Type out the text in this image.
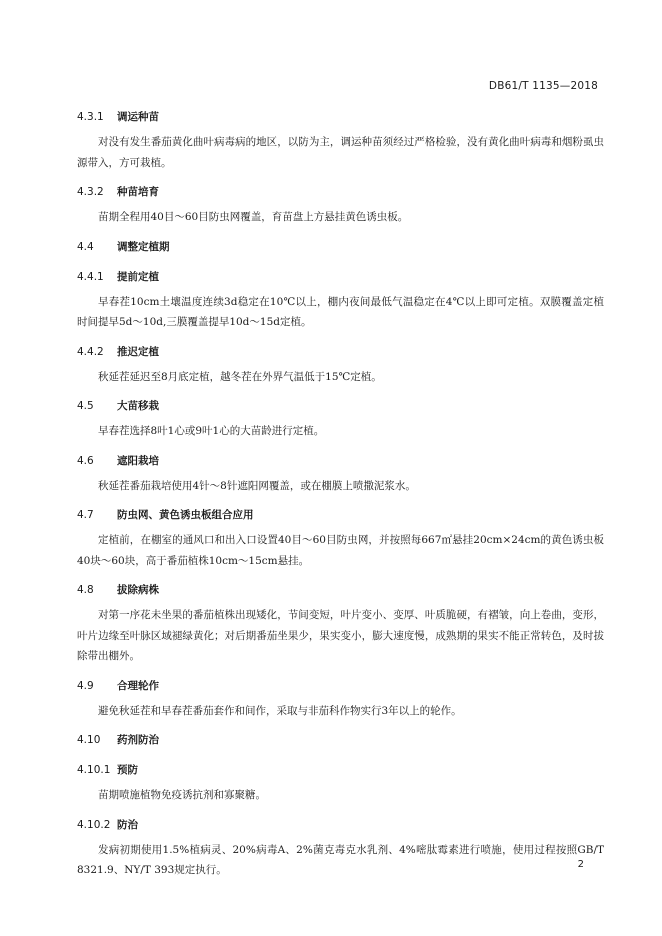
DB61/T 1135—2018
4.3.1	调运种苗

对没有发生番茄黄化曲叶病毒病的地区，以防为主，调运种苗须经过严格检验，没有黄化曲叶病毒和烟粉虱虫源带入，方可栽植。

4.3.2	种苗培育

苗期全程用40目～60目防虫网覆盖，育苗盘上方悬挂黄色诱虫板。

4.4	调整定植期
4.4.1	提前定植

早春茬10cm土壤温度连续3d稳定在10℃以上，棚内夜间最低气温稳定在4℃以上即可定植。双膜覆盖定植时间提早5d～10d,三膜覆盖提早10d～15d定植。

4.4.2	推迟定植

秋延茬延迟至8月底定植，越冬茬在外界气温低于15℃定植。

4.5	大苗移栽

早春茬选择8叶1心或9叶1心的大苗龄进行定植。

4.6	遮阳栽培

秋延茬番茄栽培使用4针～8针遮阳网覆盖，或在棚膜上喷撒泥浆水。

4.7	防虫网、黄色诱虫板组合应用

定植前，在棚室的通风口和出入口设置40目～60目防虫网，并按照每667㎡悬挂20cm×24cm的黄色诱虫板40块～60块，高于番茄植株10cm～15cm悬挂。

4.8	拔除病株

对第一序花未坐果的番茄植株出现矮化，节间变短，叶片变小、变厚、叶质脆硬，有褶皱，向上卷曲，变形，叶片边缘至叶脉区域褪绿黄化；对后期番茄坐果少，果实变小，膨大速度慢，成熟期的果实不能正常转色，及时拔除带出棚外。

4.9	合理轮作

避免秋延茬和早春茬番茄套作和间作，采取与非茄科作物实行3年以上的轮作。

4.10	药剂防治
4.10.1 预防

苗期喷施植物免疫诱抗剂和寡聚糖。

4.10.2 防治

发病初期使用1.5%植病灵、20%病毒A、2%菌克毒克水乳剂、4%嘧肽霉素进行喷施，使用过程按照GB/T 8321.9、NY/T 393规定执行。	2
